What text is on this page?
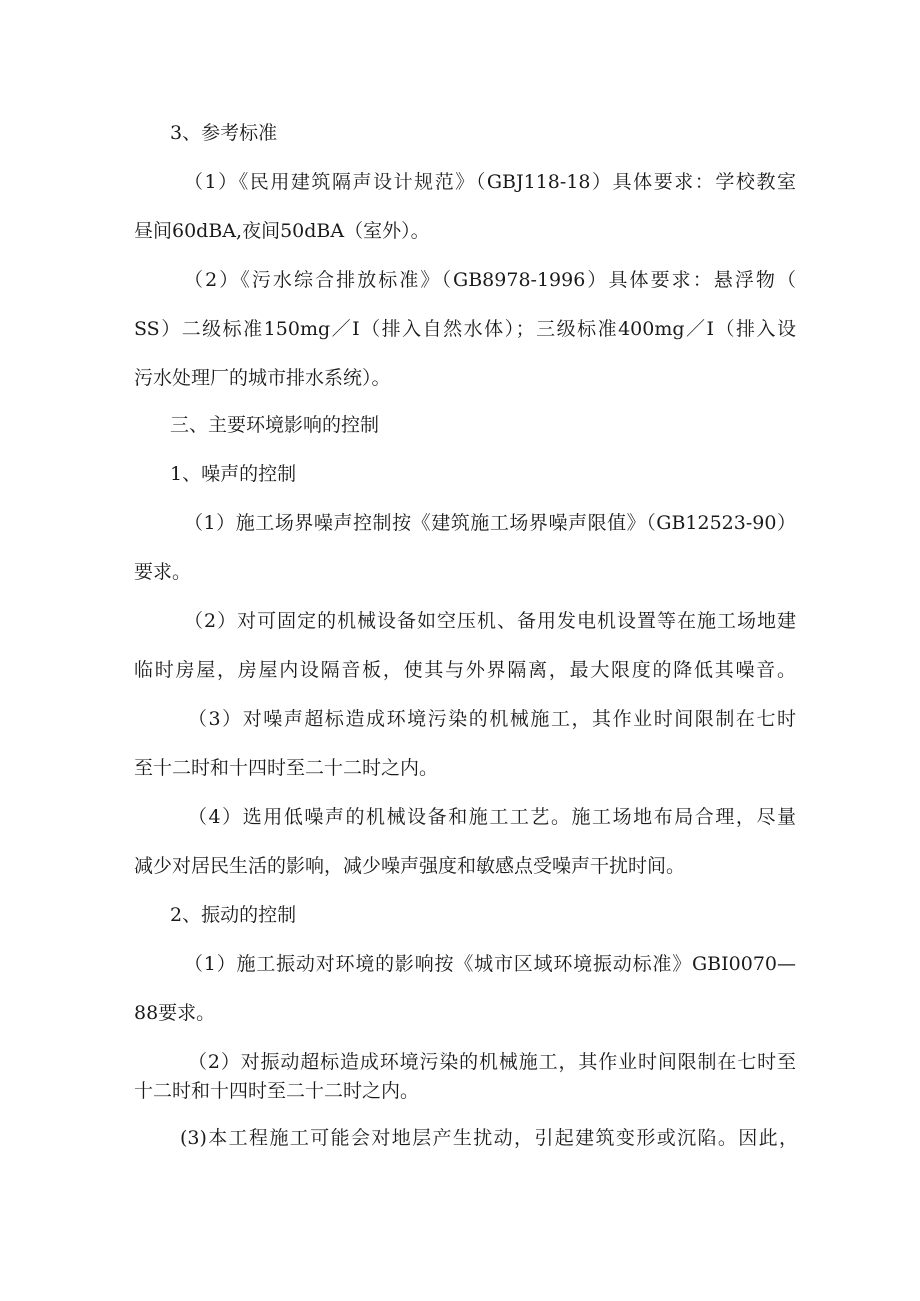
3、参考标准

（1）《民用建筑隔声设计规范》（GBJ118-18）具体要求：学校教室

昼间60dBA,夜间50dBA（室外）。

（2）《污水综合排放标准》（GB8978-1996）具体要求：悬浮物（

SS）二级标准150mg／I（排入自然水体）；三级标准400mg／I（排入设

污水处理厂的城市排水系统）。

三、主要环境影响的控制

1、噪声的控制

（1）施工场界噪声控制按《建筑施工场界噪声限值》（GB12523-90）

要求。

（2）对可固定的机械设备如空压机、备用发电机设置等在施工场地建

临时房屋，房屋内设隔音板，使其与外界隔离，最大限度的降低其噪音。

（3）对噪声超标造成环境污染的机械施工，其作业时间限制在七时

至十二时和十四时至二十二时之内。

（4）选用低噪声的机械设备和施工工艺。施工场地布局合理，尽量

减少对居民生活的影响，减少噪声强度和敏感点受噪声干扰时间。

2、振动的控制

（1）施工振动对环境的影响按《城市区域环境振动标准》GBI0070—

88要求。

（2）对振动超标造成环境污染的机械施工，其作业时间限制在七时至

十二时和十四时至二十二时之内。

(3)本工程施工可能会对地层产生扰动，引起建筑变形或沉陷。因此，
